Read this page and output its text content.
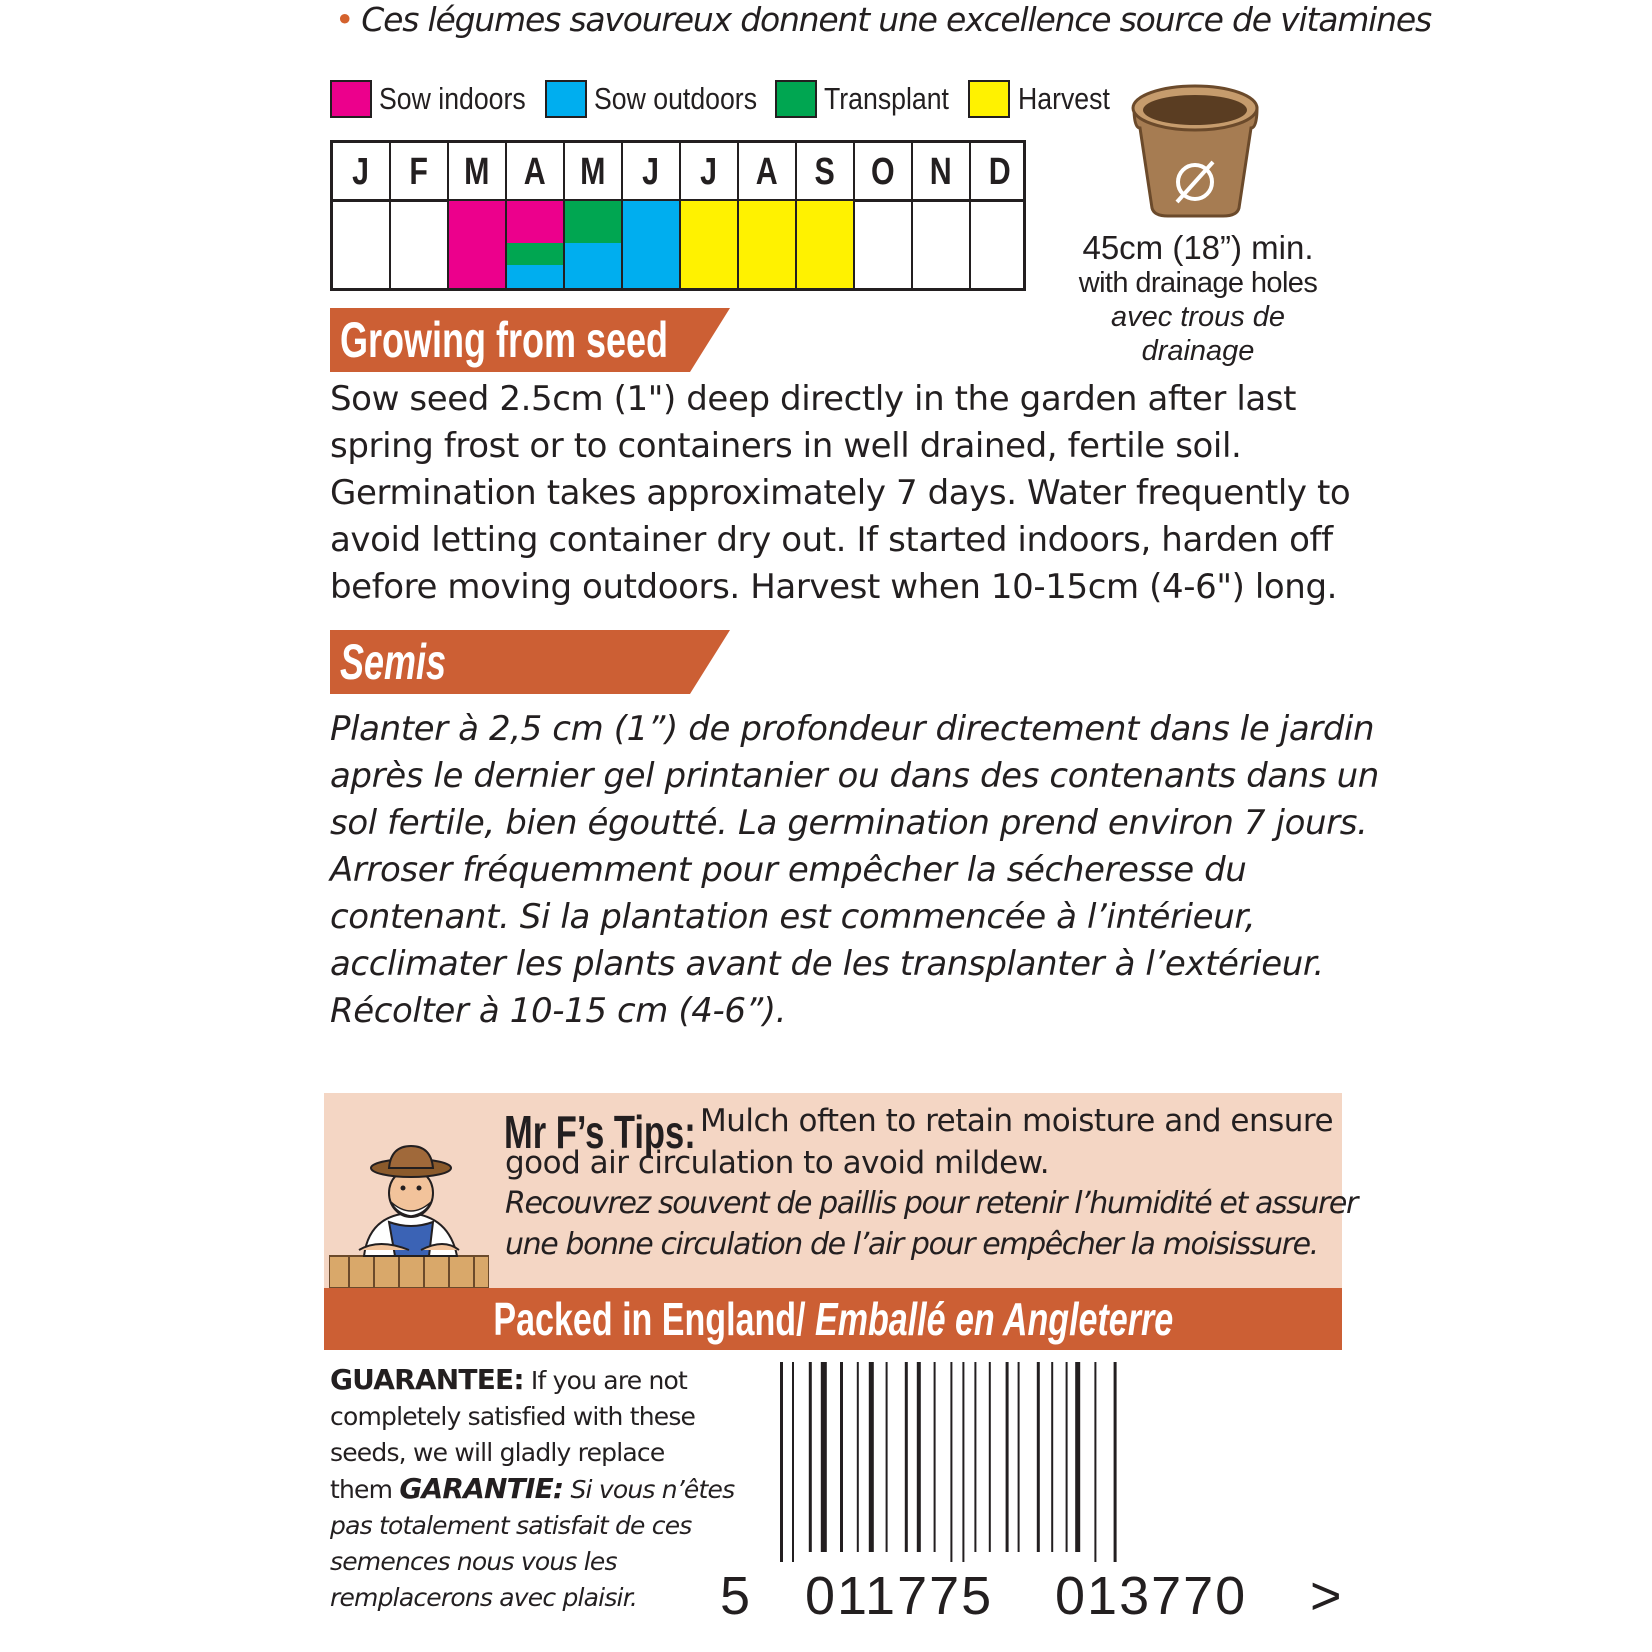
• Ces légumes savoureux donnent une excellence source de vitamines
Sow indoors Sow outdoors Transplant Harvest
J	F M A M J	J	A S O N D
45cm (18”) min.
with drainage holes
avec trous de
drainage
Growing from seed

Sow seed 2.5cm (1") deep directly in the garden after last

spring frost or to containers in well drained, fertile soil.

Germination takes approximately 7 days. Water frequently to

avoid letting container dry out. If started indoors, harden off

before moving outdoors. Harvest when 10-15cm (4-6") long.

Semis

Planter à 2,5 cm (1”) de profondeur directement dans le jardin

après le dernier gel printanier ou dans des contenants dans un

sol fertile, bien égoutté. La germination prend environ 7 jours.

Arroser fréquemment pour empêcher la sécheresse du

contenant. Si la plantation est commencée à l’intérieur,

acclimater les plants avant de les transplanter à l’extérieur.

Récolter à 10-15 cm (4-6”).

Mr F’s Tips: Mulch often to retain moisture and ensure
good air circulation to avoid mildew.
Recouvrez souvent de paillis pour retenir l’humidité et assurer
une bonne circulation de l’air pour empêcher la moisissure.
Packed in England/ Emballé en Angleterre

GUARANTEE: If you are not

completely satisfied with these

seeds, we will gladly replace

them GARANTIE: Si vous n’êtes

pas totalement satisfait de ces

semences nous vous les

remplacerons avec plaisir.	5 011775 013770 >
